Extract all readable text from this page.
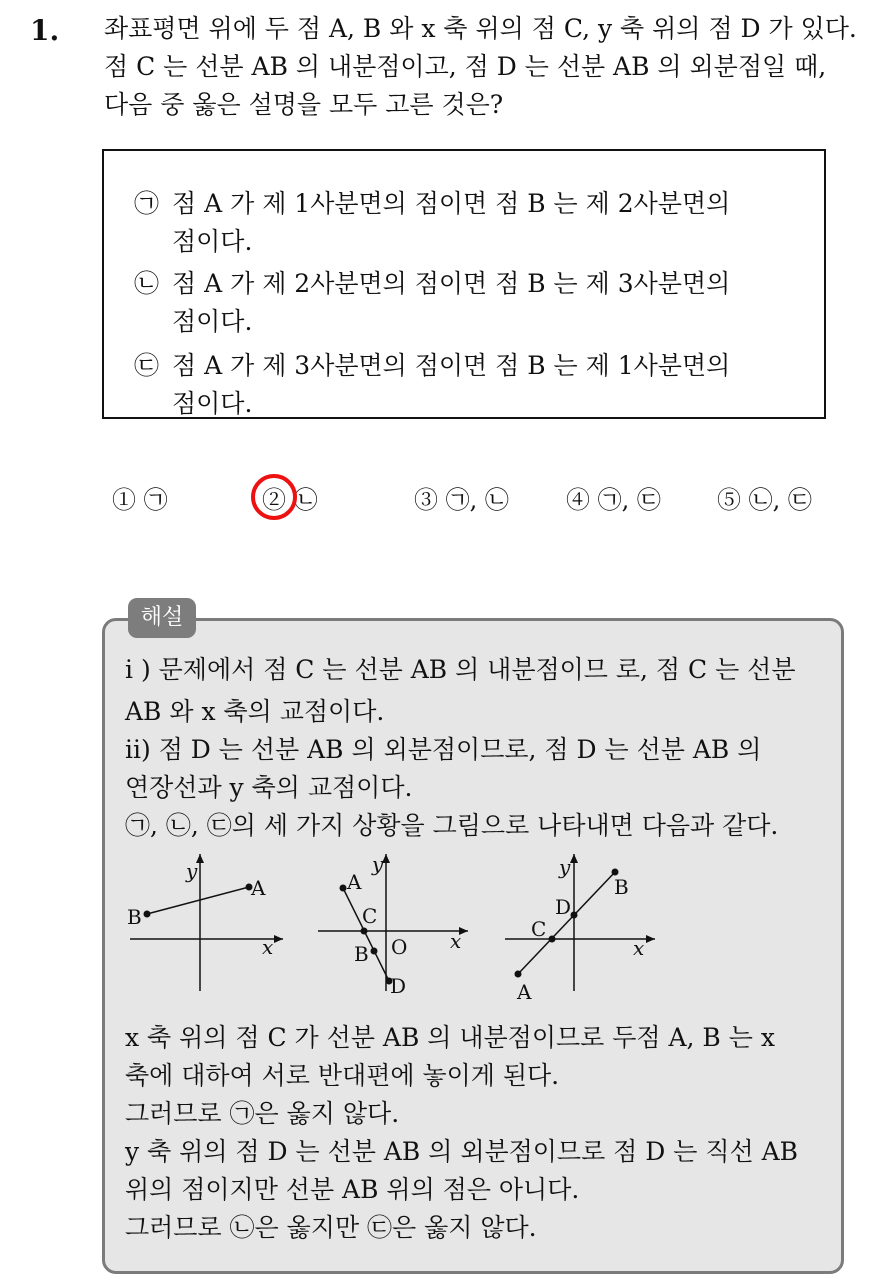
1. 좌표평면 위에 두 점 A, B 와 x 축 위의 점 C, y 축 위의 점 D 가 있다.
점 C 는 선분 AB 의 내분점이고, 점 D 는 선분 AB 의 외분점일 때,
다음 중 옳은 설명을 모두 고른 것은?
㉠ 점 A 가 제 1사분면의 점이면 점 B 는 제 2사분면의
점이다.
㉡ 점 A 가 제 2사분면의 점이면 점 B 는 제 3사분면의
점이다.
㉢ 점 A 가 제 3사분면의 점이면 점 B 는 제 1사분면의
점이다.
① ㉠	② ㉡	③ ㉠, ㉡ ④ ㉠, ㉢ ⑤ ㉡, ㉢
해설
i ) 문제에서 점 C 는 선분 AB 의 내분점이므 로, 점 C 는 선분
AB 와 x 축의 교점이다.
ii) 점 D 는 선분 AB 의 외분점이므로, 점 D 는 선분 AB 의
연장선과 y 축의 교점이다.
㉠, ㉡, ㉢의 세 가지 상황을 그림으로 나타내면 다음과 같다.
y
x
B
A
y
x
A
C
O
B
D
y
x
B
D
C
A
x 축 위의 점 C 가 선분 AB 의 내분점이므로 두점 A, B 는 x
축에 대하여 서로 반대편에 놓이게 된다.
그러므로 ㉠은 옳지 않다.
y 축 위의 점 D 는 선분 AB 의 외분점이므로 점 D 는 직선 AB
위의 점이지만 선분 AB 위의 점은 아니다.
그러므로 ㉡은 옳지만 ㉢은 옳지 않다.
